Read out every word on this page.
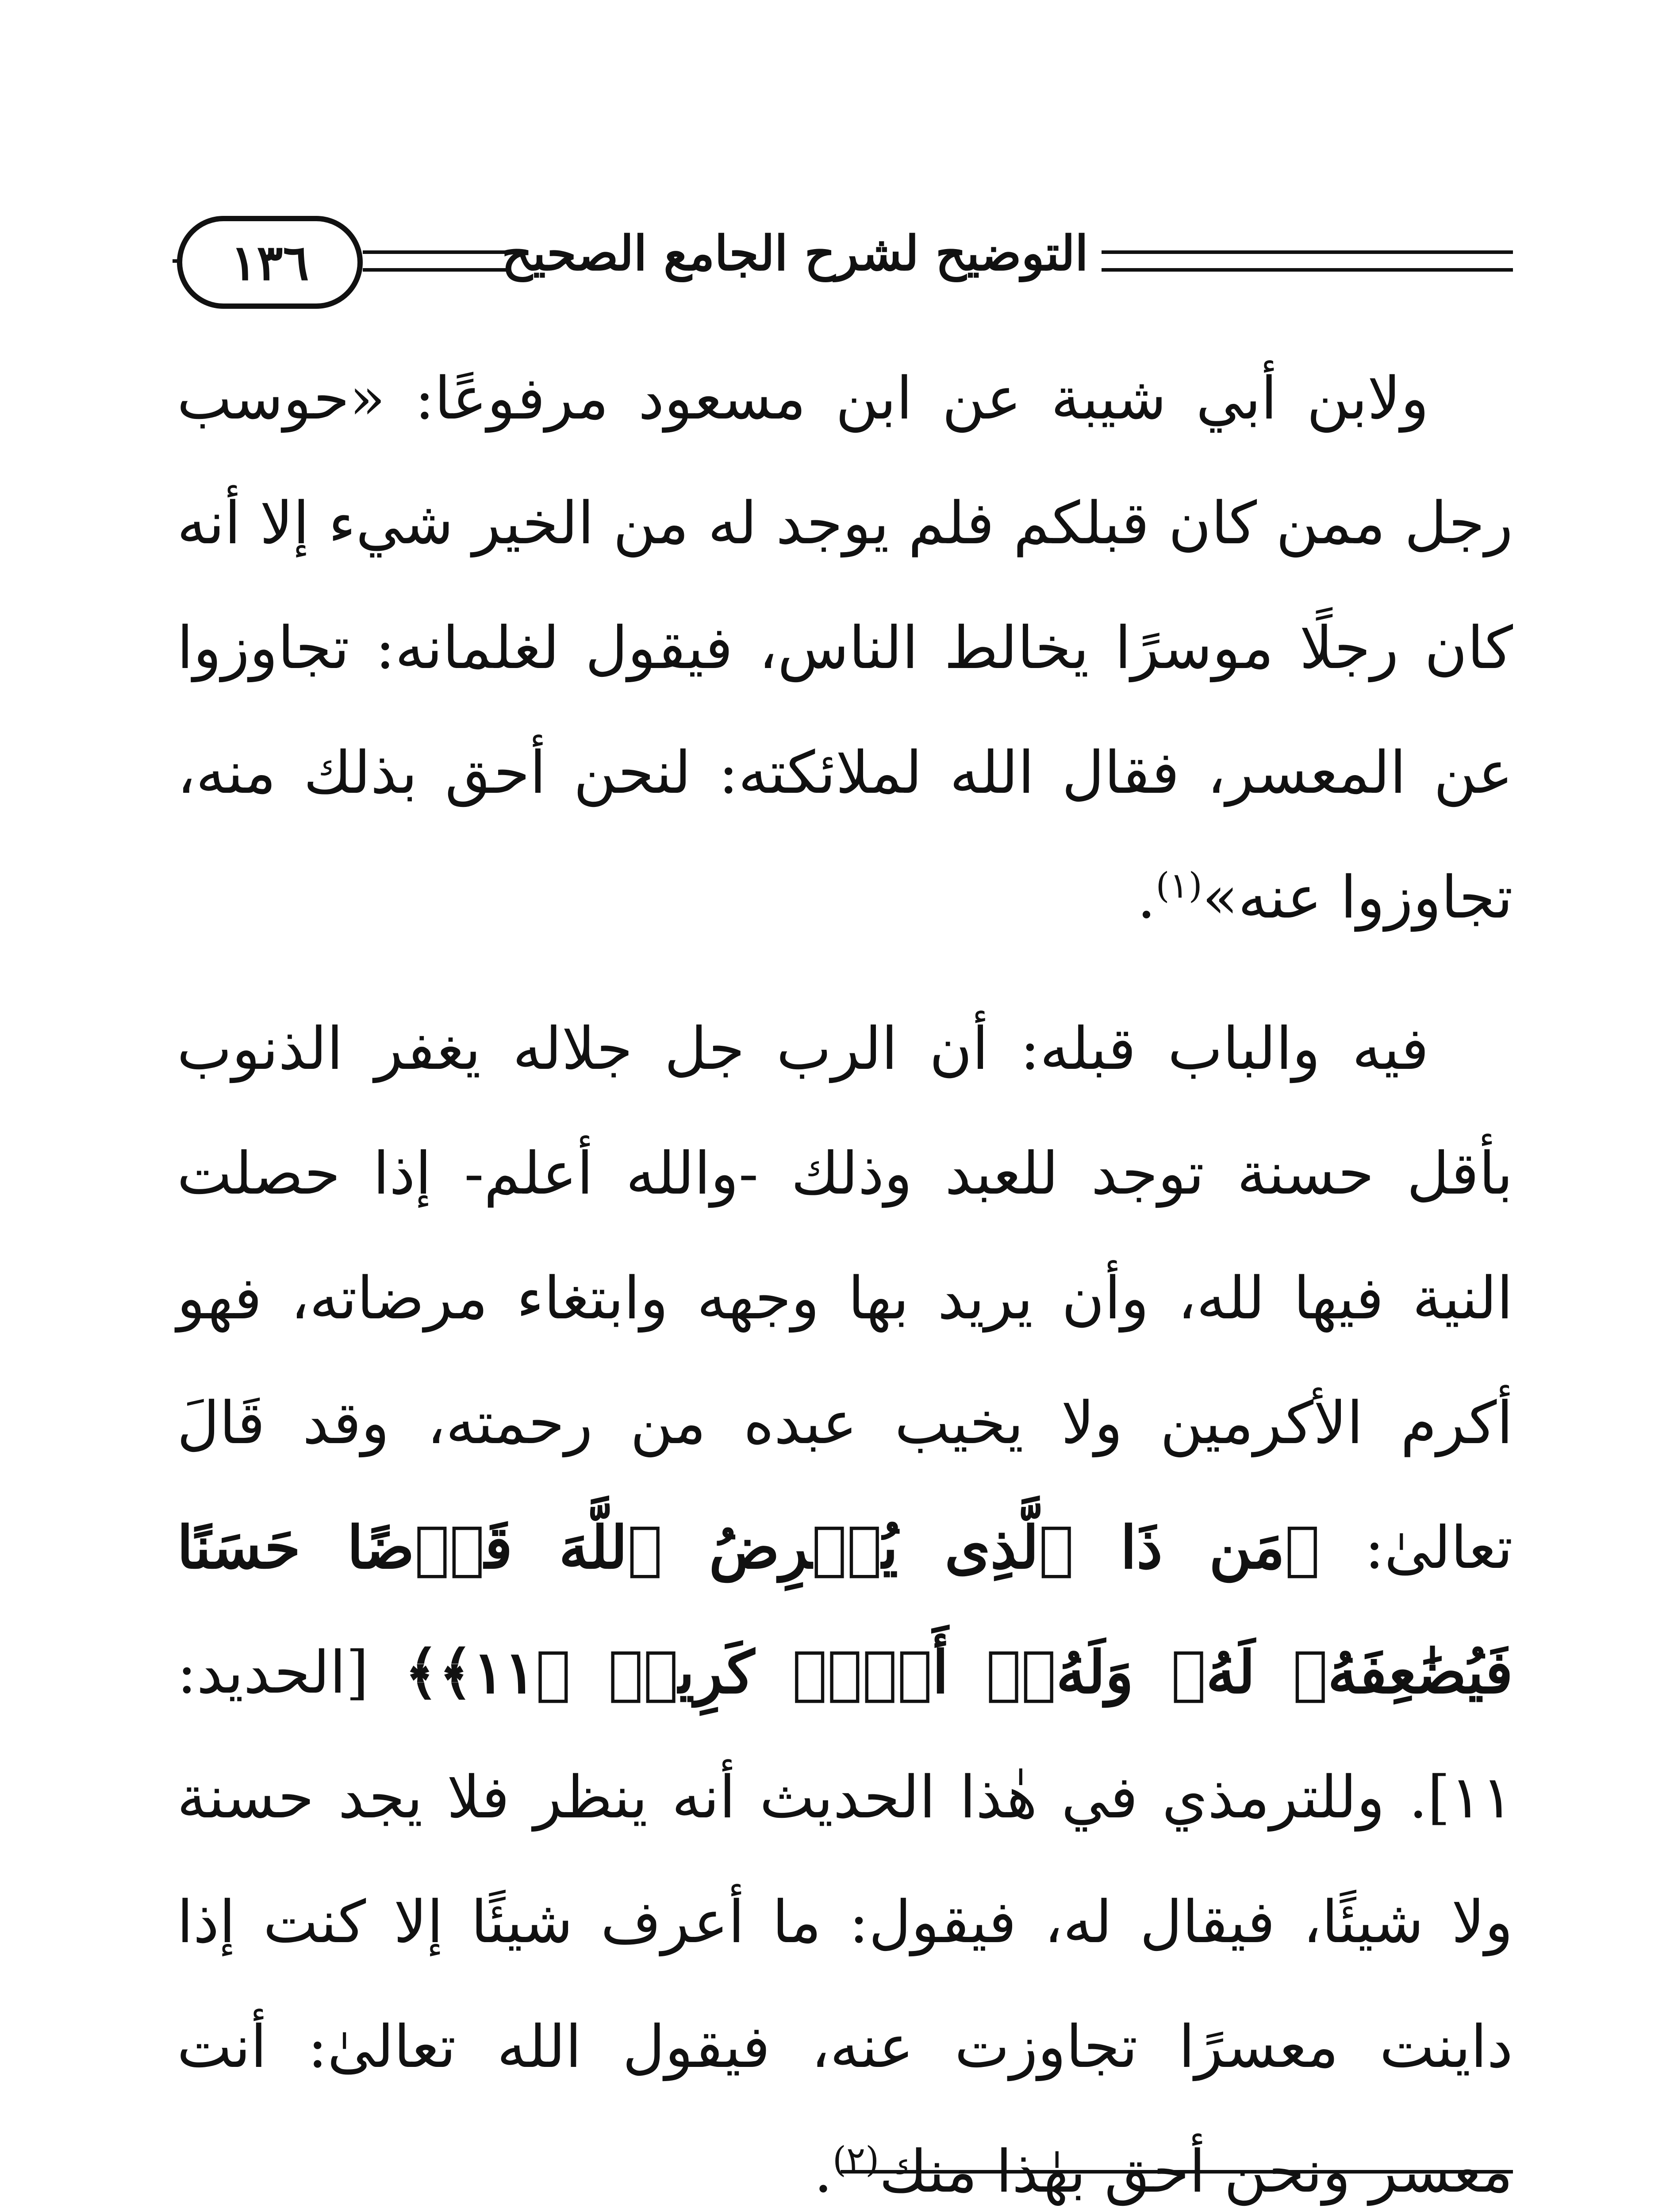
١٣٦	التوضيح لشرح الجامع الصحيح

ولابن أبي شيبة عن ابن مسعود مرفوعًا: «حوسب رجل ممن كان قبلكم فلم يوجد له من الخير شيء إلا أنه كان رجلًا موسرًا يخالط الناس، فيقول لغلمانه: تجاوزوا عن المعسر، فقال الله لملائكته: لنحن أحق بذلك منه، تجاوزوا عنه»$^{(١)}$.

فيه والباب قبله: أن الرب جل جلاله يغفر الذنوب بأقل حسنة توجد للعبد وذلك -والله أعلم- إذا حصلت النية فيها لله، وأن يريد بها وجهه وابتغاء مرضاته، فهو أكرم الأكرمين ولا يخيب عبده من رحمته، وقد قَالَ تعالىٰ: ﴿مَن ذَا ٱلَّذِى يُقۡرِضُ ٱللَّهَ قَرۡضًا حَسَنًا فَيُضَٰعِفَهُۥ لَهُۥ وَلَهُۥٓ أَجۡرٞ كَرِيمٞ ﴿١١﴾﴾ [الحديد: ١١]. وللترمذي في هٰذا الحديث أنه ينظر فلا يجد حسنة ولا شيئًا، فيقال له، فيقول: ما أعرف شيئًا إلا كنت إذا داينت معسرًا تجاوزت عنه، فيقول الله تعالىٰ: أنت معسر ونحن أحق بهٰذا منك$^{(٢)}$.
